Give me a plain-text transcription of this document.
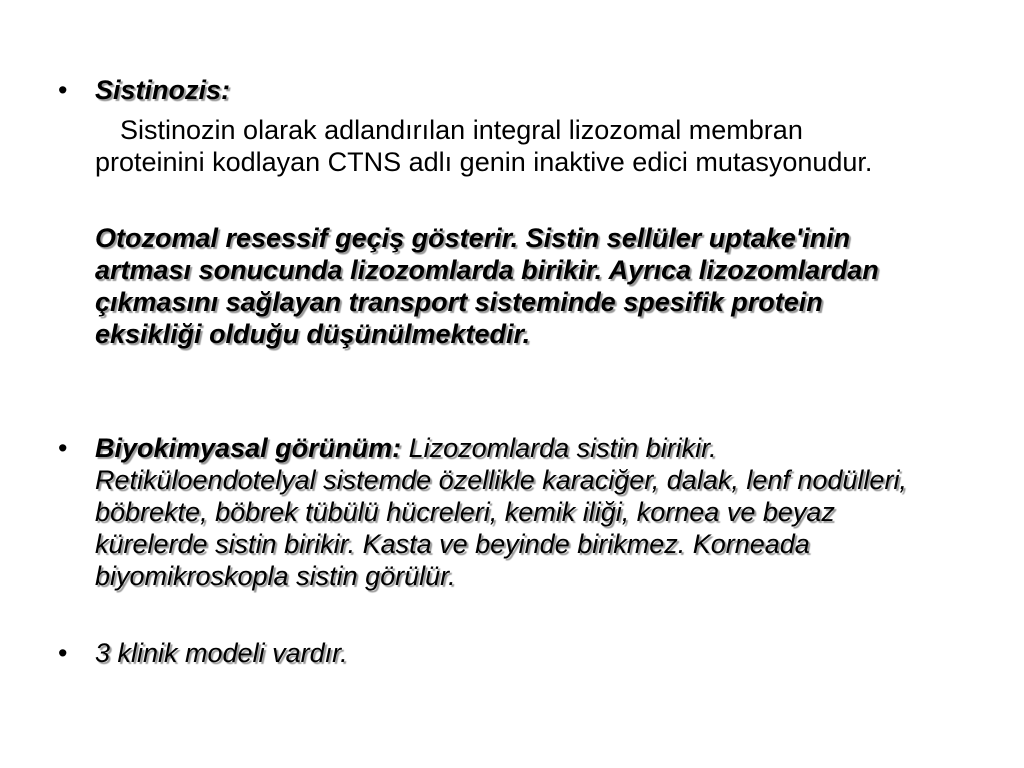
•	Sistinozis:

Sistinozin olarak adlandırılan integral lizozomal membran proteinini kodlayan CTNS adlı genin inaktive edici mutasyonudur.

Otozomal resessif geçiş gösterir. Sistin sellüler uptake'inin artması sonucunda lizozomlarda birikir. Ayrıca lizozomlardan çıkmasını sağlayan transport sisteminde spesifik protein eksikliği olduğu düşünülmektedir.

•	Biyokimyasal görünüm: Lizozomlarda sistin birikir. Retiküloendotelyal sistemde özellikle karaciğer, dalak, lenf nodülleri, böbrekte, böbrek tübülü hücreleri, kemik iliği, kornea ve beyaz kürelerde sistin birikir. Kasta ve beyinde birikmez. Korneada biyomikroskopla sistin görülür.
•	3 klinik modeli vardır.
